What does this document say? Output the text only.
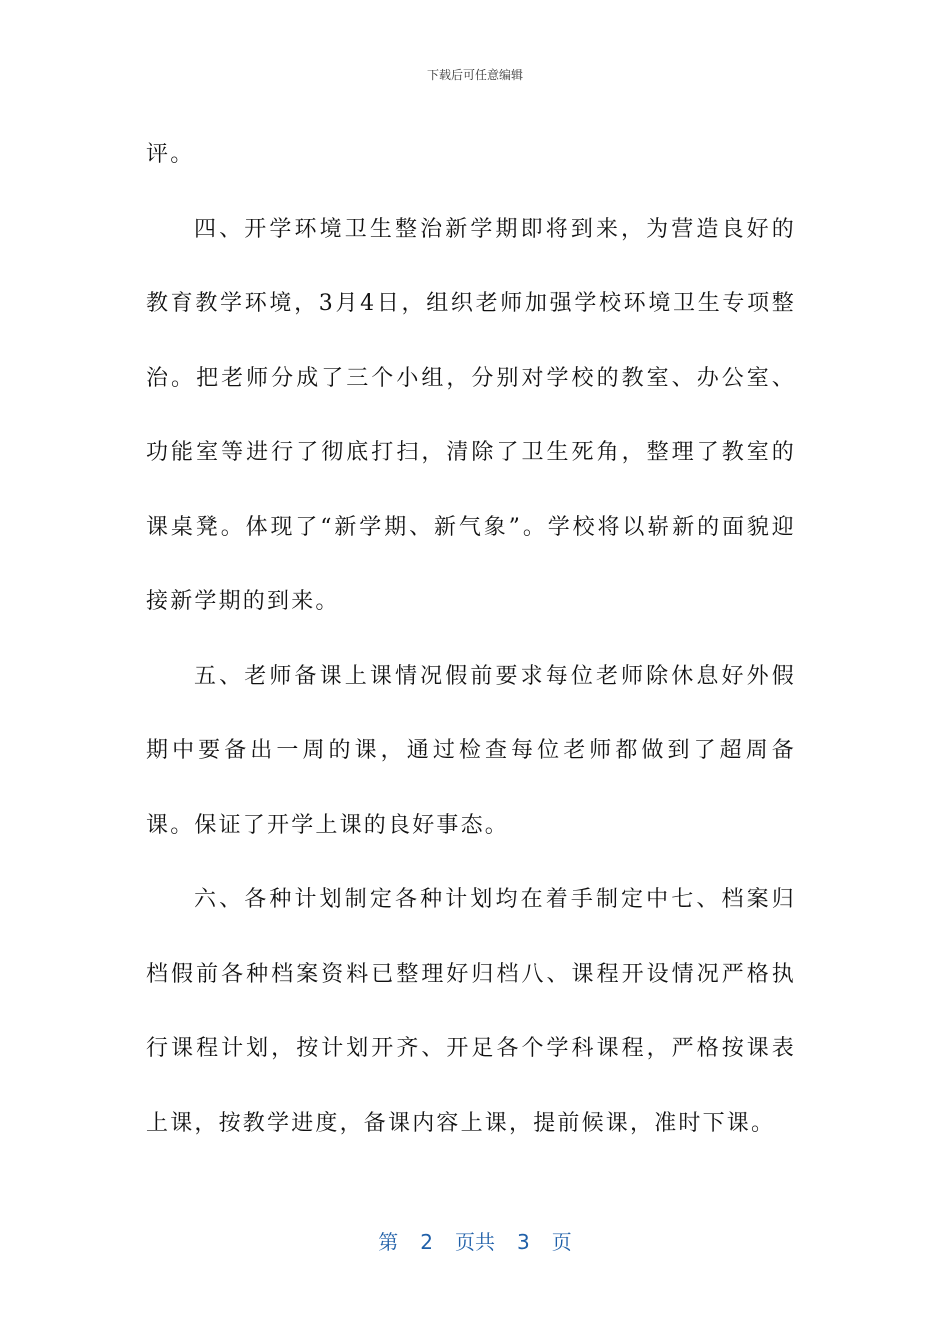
下载后可任意编辑

评。

四、开学环境卫生整治新学期即将到来，为营造良好的教育教学环境，3月4日，组织老师加强学校环境卫生专项整治。把老师分成了三个小组，分别对学校的教室、办公室、功能室等进行了彻底打扫，清除了卫生死角，整理了教室的课桌凳。体现了“新学期、新气象”。学校将以崭新的面貌迎接新学期的到来。

五、老师备课上课情况假前要求每位老师除休息好外假期中要备出一周的课，通过检查每位老师都做到了超周备课。保证了开学上课的良好事态。

六、各种计划制定各种计划均在着手制定中七、档案归档假前各种档案资料已整理好归档八、课程开设情况严格执行课程计划，按计划开齐、开足各个学科课程，严格按课表上课，按教学进度，备课内容上课，提前候课，准时下课。

第 2 页共 3 页
